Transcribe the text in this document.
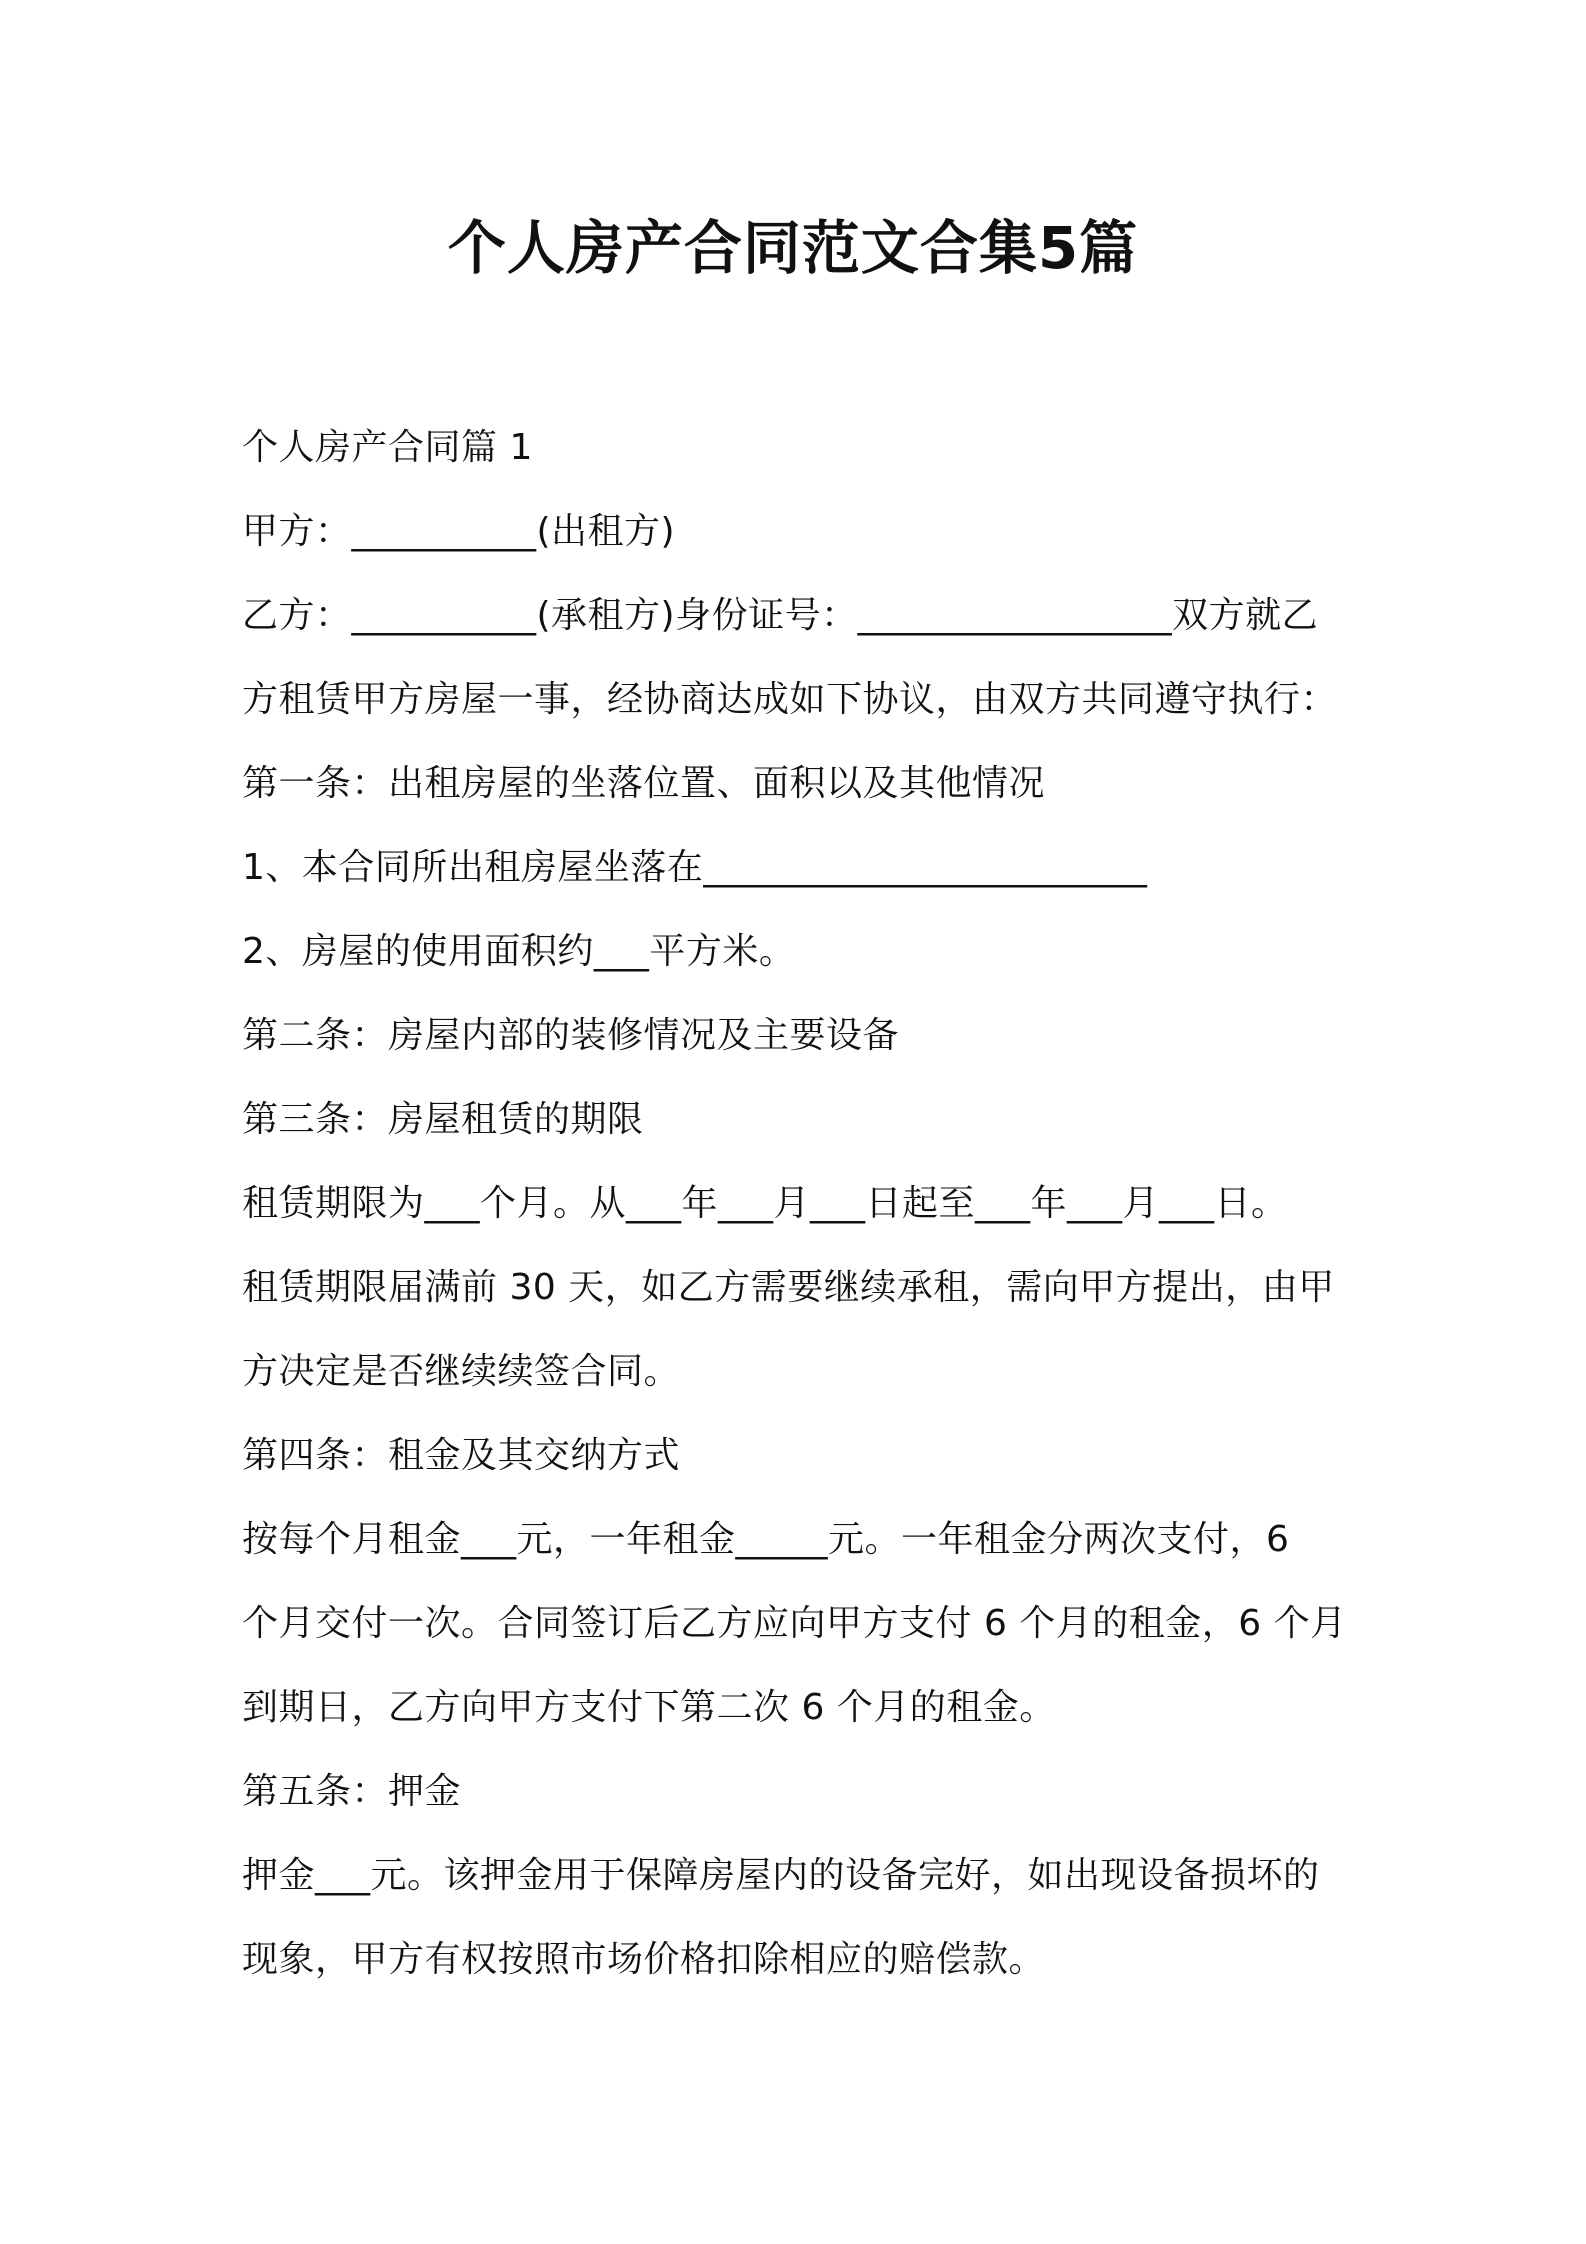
个人房产合同范文合集5篇

个人房产合同篇 1

甲方：__________(出租方)

乙方：__________(承租方)身份证号：_________________双方就乙

方租赁甲方房屋一事，经协商达成如下协议，由双方共同遵守执行：

第一条：出租房屋的坐落位置、面积以及其他情况

1、本合同所出租房屋坐落在________________________

2、房屋的使用面积约___平方米。

第二条：房屋内部的装修情况及主要设备

第三条：房屋租赁的期限

租赁期限为___个月。从___年___月___日起至___年___月___日。

租赁期限届满前 30 天，如乙方需要继续承租，需向甲方提出，由甲

方决定是否继续续签合同。

第四条：租金及其交纳方式

按每个月租金___元，一年租金_____元。一年租金分两次支付，6

个月交付一次。合同签订后乙方应向甲方支付 6 个月的租金，6 个月

到期日，乙方向甲方支付下第二次 6 个月的租金。

第五条：押金

押金___元。该押金用于保障房屋内的设备完好，如出现设备损坏的

现象，甲方有权按照市场价格扣除相应的赔偿款。
